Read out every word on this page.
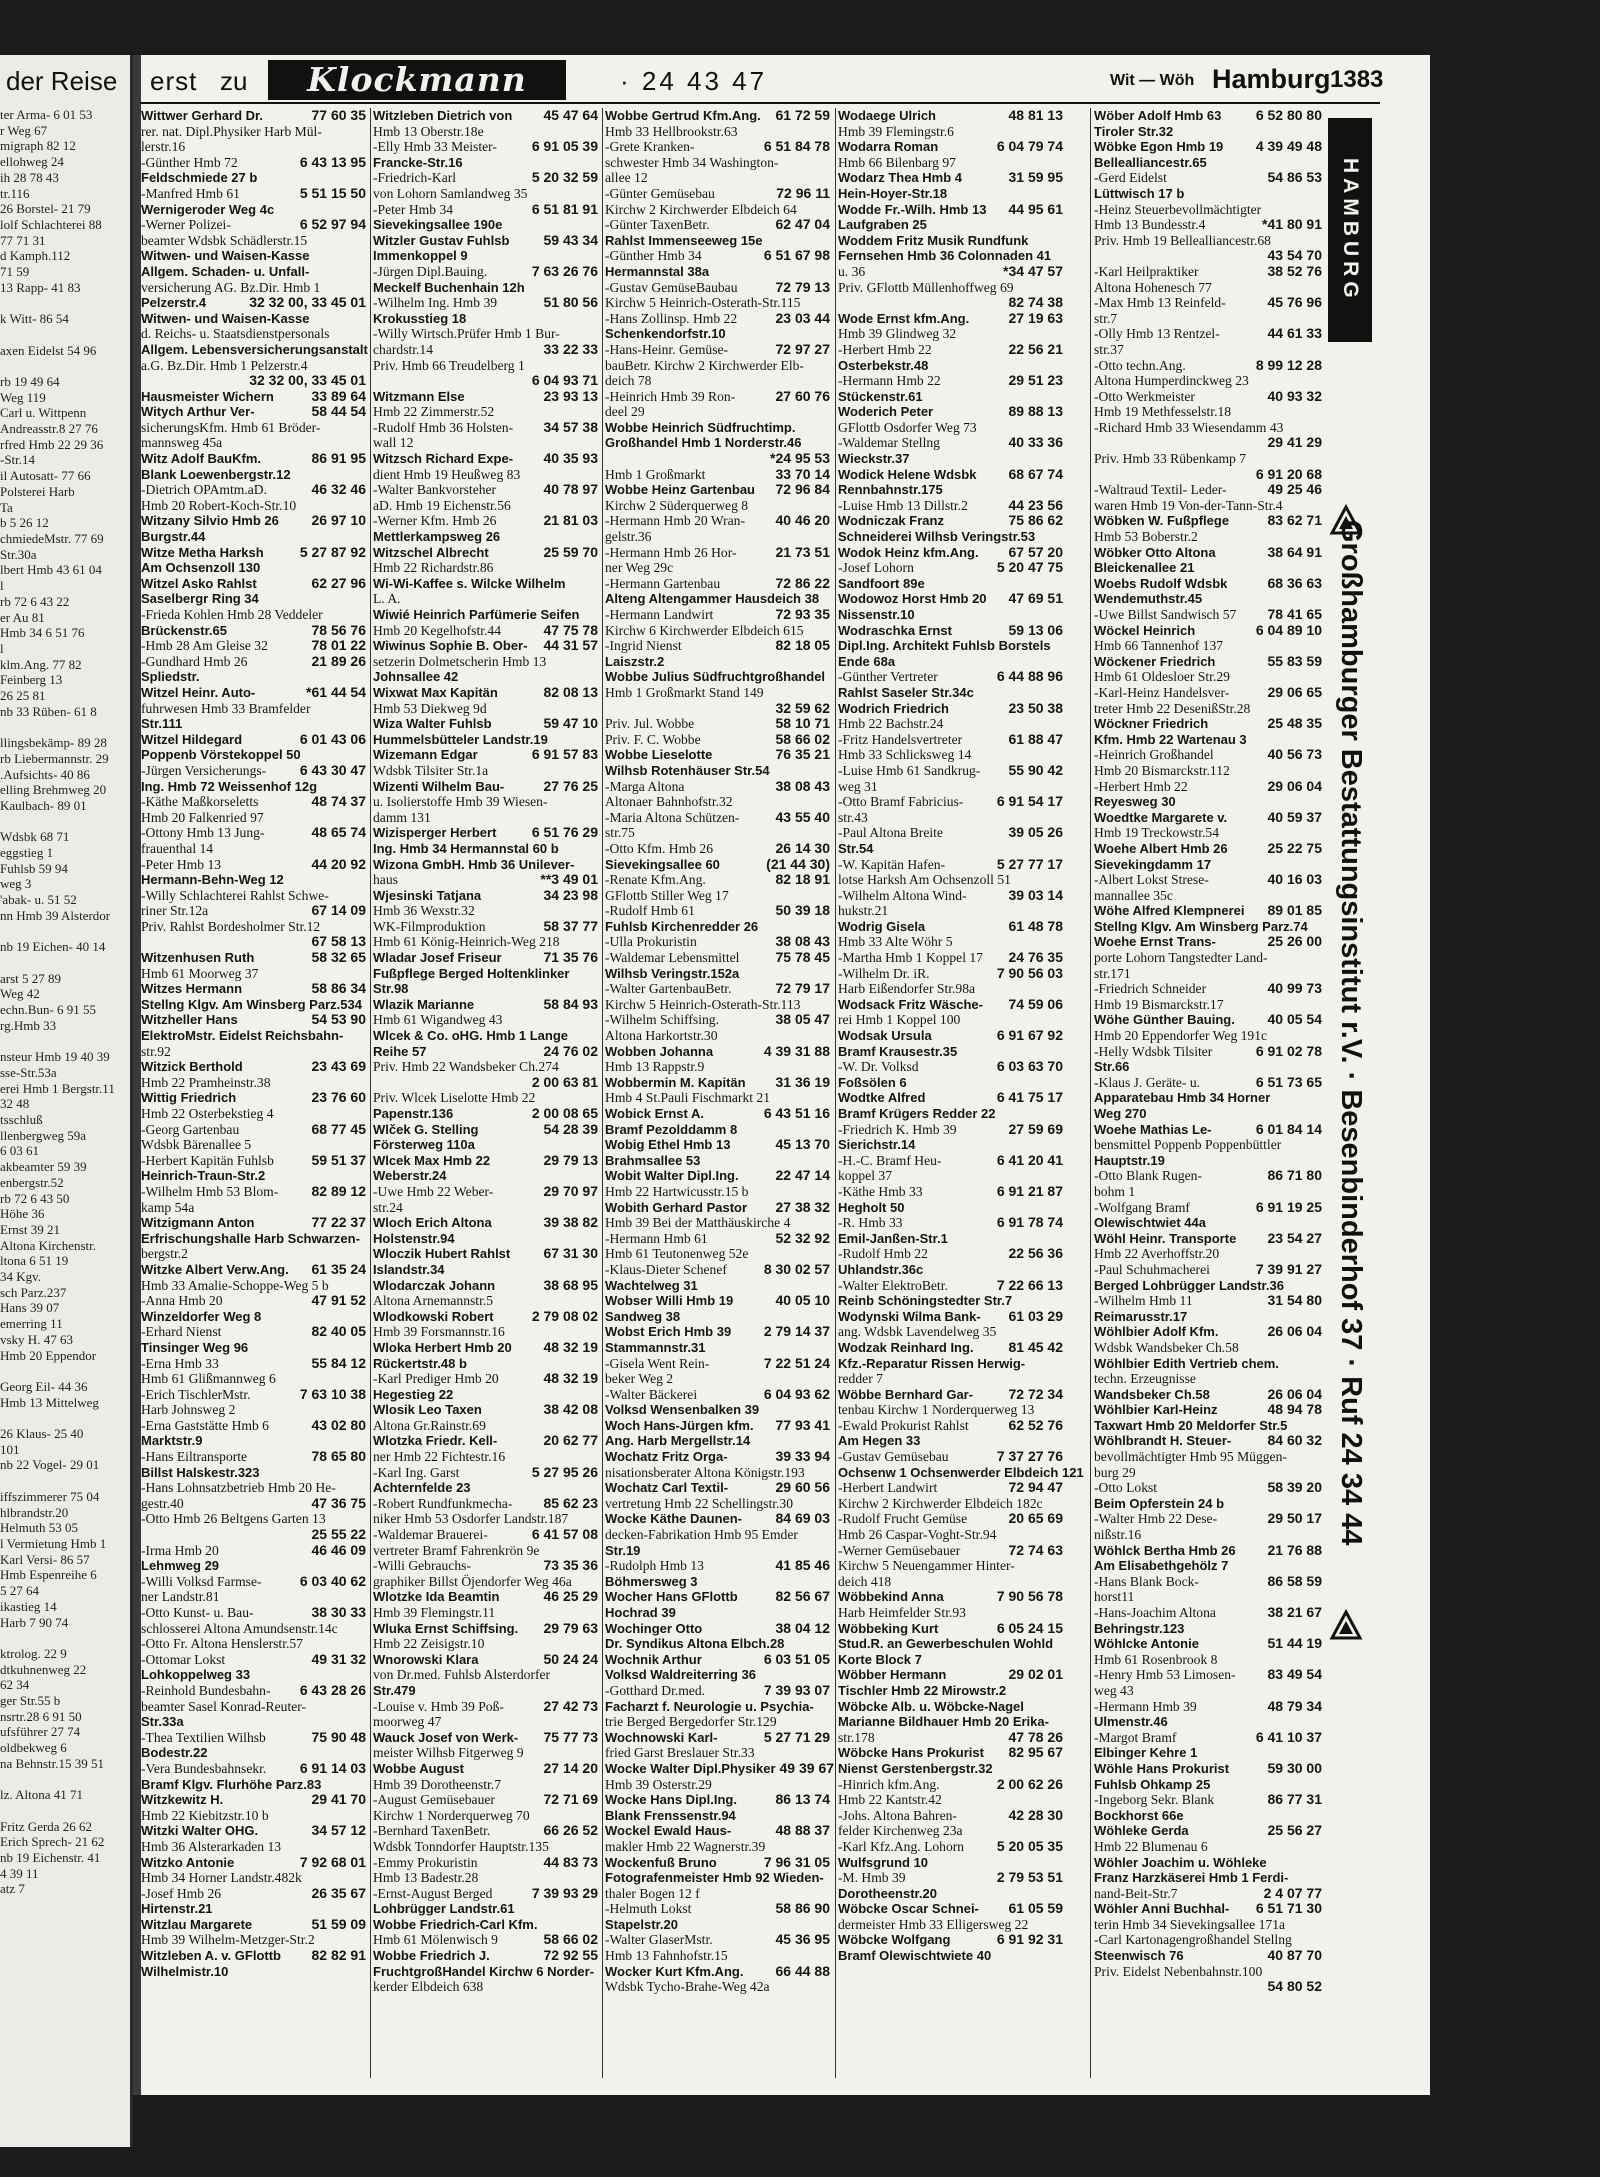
ter Arma- 6 01 53
r Weg 67
migraph 82 12
ellohweg 24
ih 28 78 43
tr.116
26 Borstel- 21 79
lolf Schlachterei 88
77 71 31
d Kamph.112
71 59
13 Rapp- 41 83

k Witt- 86 54

axen Eidelst 54 96

rb 19 49 64
Weg 119
Carl u. Wittpenn
Andreasstr.8 27 76
rfred Hmb 22 29 36
-Str.14
il Autosatt- 77 66
Polsterei Harb
Ta
b 5 26 12
chmiedeMstr. 77 69
Str.30a
lbert Hmb 43 61 04
l
rb 72 6 43 22
er Au 81
Hmb 34 6 51 76
l
klm.Ang. 77 82
Feinberg 13
26 25 81
nb 33 Rüben- 61 8

llingsbekämp- 89 28
rb Liebermannstr. 29
.Aufsichts- 40 86
elling Brehmweg 20
Kaulbach- 89 01

Wdsbk 68 71
eggstieg 1
Fuhlsb 59 94
weg 3
'abak- u. 51 52
nn Hmb 39 Alsterdor

nb 19 Eichen- 40 14

arst 5 27 89
Weg 42
echn.Bun- 6 91 55
rg.Hmb 33

nsteur Hmb 19 40 39
sse-Str.53a
erei Hmb 1 Bergstr.11
32 48
tsschluß
llenbergweg 59a
6 03 61
akbeamter 59 39
enbergstr.52
rb 72 6 43 50
Höhe 36
Ernst 39 21
Altona Kirchenstr.
ltona 6 51 19
34 Kgv.
sch Parz.237
Hans 39 07
emerring 11
vsky H. 47 63
Hmb 20 Eppendor

Georg Eil- 44 36
Hmb 13 Mittelweg

26 Klaus- 25 40
101
nb 22 Vogel- 29 01

iffszimmerer 75 04
hlbrandstr.20
Helmuth 53 05
l Vermietung Hmb 1
Karl Versi- 86 57
Hmb Espenreihe 6
5 27 64
ikastieg 14
Harb 7 90 74

ktrolog. 22 9
dtkuhnenweg 22
62 34
ger Str.55 b
nsrtr.28 6 91 50
ufsführer 27 74
oldbekweg 6
na Behnstr.15 39 51

lz. Altona 41 71

Fritz Gerda 26 62
Erich Sprech- 21 62
nb 19 Eichenstr. 41
4 39 11
atz 7
der Reise erst zu	Klockmann	· 24 43 47	Wit — Wöh Hamburg 1383
Wittwer Gerhard Dr.	77 60 35
rer. nat. Dipl.Physiker Harb Mül-
lerstr.16
-Günther Hmb 72	6 43 13 95
Feldschmiede 27 b
-Manfred Hmb 61	5 51 15 50
Wernigeroder Weg 4c
-Werner Polizei-	6 52 97 94
beamter Wdsbk Schädlerstr.15
Witwen- und Waisen-Kasse
Allgem. Schaden- u. Unfall-
versicherung AG. Bz.Dir. Hmb 1
Pelzerstr.4	32 32 00, 33 45 01
Witwen- und Waisen-Kasse
d. Reichs- u. Staatsdienstpersonals
Allgem. Lebensversicherungsanstalt
a.G. Bz.Dir. Hmb 1 Pelzerstr.4

32 32 00, 33 45 01
Hausmeister Wichern	33 89 64
Witych Arthur Ver-	58 44 54
sicherungsKfm. Hmb 61 Bröder-
mannsweg 45a
Witz Adolf BauKfm.	86 91 95
Blank Loewenbergstr.12
-Dietrich OPAmtm.aD.	46 32 46
Hmb 20 Robert-Koch-Str.10
Witzany Silvio Hmb 26 26 97 10
Burgstr.44
Witze Metha Harksh	5 27 87 92
Am Ochsenzoll 130
Witzel Asko Rahlst	62 27 96
Saselbergr Ring 34
-Frieda Kohlen Hmb 28 Veddeler
Brückenstr.65	78 56 76
-Hmb 28 Am Gleise 32	78 01 22
-Gundhard Hmb 26	21 89 26
Spliedstr.
Witzel Heinr. Auto-	*61 44 54
fuhrwesen Hmb 33 Bramfelder
Str.111
Witzel Hildegard	6 01 43 06
Poppenb Vörstekoppel 50
-Jürgen Versicherungs- 6 43 30 47
Ing. Hmb 72 Weissenhof 12g
-Käthe Maßkorseletts	48 74 37
Hmb 20 Falkenried 97
-Ottony Hmb 13 Jung-	48 65 74
frauenthal 14
-Peter Hmb 13	44 20 92
Hermann-Behn-Weg 12
-Willy Schlachterei Rahlst Schwe-
riner Str.12a	67 14 09
Priv. Rahlst Bordesholmer Str.12

67 58 13
Witzenhusen Ruth	58 32 65
Hmb 61 Moorweg 37
Witzes Hermann	58 86 34
Stellng Klgv. Am Winsberg Parz.534
Witzheller Hans	54 53 90
ElektroMstr. Eidelst Reichsbahn-
str.92
Witzick Berthold	23 43 69
Hmb 22 Pramheinstr.38
Wittig Friedrich	23 76 60
Hmb 22 Osterbekstieg 4
-Georg Gartenbau	68 77 45
Wdsbk Bärenallee 5
-Herbert Kapitän Fuhlsb	59 51 37
Heinrich-Traun-Str.2
-Wilhelm Hmb 53 Blom- 82 89 12
kamp 54a
Witzigmann Anton	77 22 37
Erfrischungshalle Harb Schwarzen-
bergstr.2
Witzke Albert Verw.Ang. 61 35 24
Hmb 33 Amalie-Schoppe-Weg 5 b
-Anna Hmb 20	47 91 52
Winzeldorfer Weg 8
-Erhard Nienst	82 40 05
Tinsinger Weg 96
-Erna Hmb 33	55 84 12
Hmb 61 Glißmannweg 6
-Erich TischlerMstr.	7 63 10 38
Harb Johnsweg 2
-Erna Gaststätte Hmb 6	43 02 80
Marktstr.9
-Hans Eiltransporte	78 65 80
Billst Halskestr.323
-Hans Lohnsatzbetrieb Hmb 20 He-
gestr.40	47 36 75
-Otto Hmb 26 Beltgens Garten 13

25 55 22
-Irma Hmb 20	46 46 09
Lehmweg 29
-Willi Volksd Farmse-	6 03 40 62
ner Landstr.81
-Otto Kunst- u. Bau-	38 30 33
schlosserei Altona Amundsenstr.14c
-Otto Fr. Altona Henslerstr.57
-Ottomar Lokst	49 31 32
Lohkoppelweg 33
-Reinhold Bundesbahn- 6 43 28 26
beamter Sasel Konrad-Reuter-
Str.33a
-Thea Textilien Wilhsb	75 90 48
Bodestr.22
-Vera Bundesbahnsekr. 6 91 14 03
Bramf Klgv. Flurhöhe Parz.83
Witzkewitz H.	29 41 70
Hmb 22 Kiebitzstr.10 b
Witzki Walter OHG.	34 57 12
Hmb 36 Alsterarkaden 13
Witzko Antonie	7 92 68 01
Hmb 34 Horner Landstr.482k
-Josef Hmb 26	26 35 67
Hirtenstr.21
Witzlau Margarete	51 59 09
Hmb 39 Wilhelm-Metzger-Str.2
Witzleben A. v. GFlottb 82 82 91
Wilhelmistr.10
Witzleben Dietrich von 45 47 64
Hmb 13 Oberstr.18e
-Elly Hmb 33 Meister- 6 91 05 39
Francke-Str.16
-Friedrich-Karl	5 20 32 59
von Lohorn Samlandweg 35
-Peter Hmb 34	6 51 81 91
Sievekingsallee 190e
Witzler Gustav Fuhlsb 59 43 34
Immenkoppel 9
-Jürgen Dipl.Bauing.	7 63 26 76
Meckelf Buchenhain 12h
-Wilhelm Ing. Hmb 39	51 80 56
Krokusstieg 18
-Willy Wirtsch.Prüfer Hmb 1 Bur-
chardstr.14	33 22 33
Priv. Hmb 66 Treudelberg 1

6 04 93 71
Witzmann Else	23 93 13
Hmb 22 Zimmerstr.52
-Rudolf Hmb 36 Holsten- 34 57 38
wall 12
Witzsch Richard Expe- 40 35 93
dient Hmb 19 Heußweg 83
-Walter Bankvorsteher	40 78 97
aD. Hmb 19 Eichenstr.56
-Werner Kfm. Hmb 26	21 81 03
Mettlerkampsweg 26
Witzschel Albrecht	25 59 70
Hmb 22 Richardstr.86
Wi-Wi-Kaffee s. Wilcke Wilhelm
L. A.
Wiwié Heinrich Parfümerie Seifen
Hmb 20 Kegelhofstr.44	47 75 78
Wiwinus Sophie B. Ober- 44 31 57
setzerin Dolmetscherin Hmb 13
Johnsallee 42
Wixwat Max Kapitän	82 08 13
Hmb 53 Diekweg 9d
Wiza Walter Fuhlsb	59 47 10
Hummelsbütteler Landstr.19
Wizemann Edgar	6 91 57 83
Wdsbk Tilsiter Str.1a
Wizenti Wilhelm Bau-	27 76 25
u. Isolierstoffe Hmb 39 Wiesen-
damm 131
Wizisperger Herbert	6 51 76 29
Ing. Hmb 34 Hermannstal 60 b
Wizona GmbH. Hmb 36 Unilever-
haus	**3 49 01
Wjesinski Tatjana	34 23 98
Hmb 36 Wexstr.32
WK-Filmproduktion	58 37 77
Hmb 61 König-Heinrich-Weg 218
Wladar Josef Friseur	71 35 76
Fußpflege Berged Holtenklinker
Str.98
Wlazik Marianne	58 84 93
Hmb 61 Wigandweg 43
Wlcek & Co. oHG. Hmb 1 Lange
Reihe 57	24 76 02
Priv. Hmb 22 Wandsbeker Ch.274

2 00 63 81
Priv. Wlcek Liselotte Hmb 22
Papenstr.136	2 00 08 65
Wlček G. Stelling	54 28 39
Försterweg 110a
Wlcek Max Hmb 22	29 79 13
Weberstr.24
-Uwe Hmb 22 Weber-	29 70 97
str.24
Wloch Erich Altona	39 38 82
Holstenstr.94
Wloczik Hubert Rahlst 67 31 30
Islandstr.34
Wlodarczak Johann	38 68 95
Altona Arnemannstr.5
Wlodkowski Robert	2 79 08 02
Hmb 39 Forsmannstr.16
Wloka Herbert Hmb 20 48 32 19
Rückertstr.48 b
-Karl Prediger Hmb 20	48 32 19
Hegestieg 22
Wlosik Leo Taxen	38 42 08
Altona Gr.Rainstr.69
Wlotzka Friedr. Kell-	20 62 77
ner Hmb 22 Fichtestr.16
-Karl Ing. Garst	5 27 95 26
Achternfelde 23
-Robert Rundfunkmecha- 85 62 23
niker Hmb 53 Osdorfer Landstr.187
-Waldemar Brauerei-	6 41 57 08
vertreter Bramf Fahrenkrön 9e
-Willi Gebrauchs-	73 35 36
graphiker Billst Öjendorfer Weg 46a
Wlotzke Ida Beamtin	46 25 29
Hmb 39 Flemingstr.11
Wluka Ernst Schiffsing. 29 79 63
Hmb 22 Zeisigstr.10
Wnorowski Klara	50 24 24
von Dr.med. Fuhlsb Alsterdorfer
Str.479
-Louise v. Hmb 39 Poß-	27 42 73
moorweg 47
Wauck Josef von Werk- 75 77 73
meister Wilhsb Fitgerweg 9
Wobbe August	27 14 20
Hmb 39 Dorotheenstr.7
-August Gemüsebauer	72 71 69
Kirchw 1 Norderquerweg 70
-Bernhard TaxenBetr.	66 26 52
Wdsbk Tonndorfer Hauptstr.135
-Emmy Prokuristin	44 83 73
Hmb 13 Badestr.28
-Ernst-August Berged	7 39 93 29
Lohbrügger Landstr.61
Wobbe Friedrich-Carl Kfm.
Hmb 61 Mölenwisch 9	58 66 02
Wobbe Friedrich J.	72 92 55
FruchtgroßHandel Kirchw 6 Norder-
kerder Elbdeich 638
Wobbe Gertrud Kfm.Ang. 61 72 59
Hmb 33 Hellbrookstr.63
-Grete Kranken-	6 51 84 78
schwester Hmb 34 Washington-
allee 12
-Günter Gemüsebau	72 96 11
Kirchw 2 Kirchwerder Elbdeich 64
-Günter TaxenBetr.	62 47 04
Rahlst Immenseeweg 15e
-Günther Hmb 34	6 51 67 98
Hermannstal 38a
-Gustav GemüseBaubau	72 79 13
Kirchw 5 Heinrich-Osterath-Str.115
-Hans Zollinsp. Hmb 22	23 03 44
Schenkendorfstr.10
-Hans-Heinr. Gemüse-	72 97 27
bauBetr. Kirchw 2 Kirchwerder Elb-
deich 78
-Heinrich Hmb 39 Ron-	27 60 76
deel 29
Wobbe Heinrich Südfruchtimp.
Großhandel Hmb 1 Norderstr.46

*24 95 53
Hmb 1 Großmarkt	33 70 14
Wobbe Heinz Gartenbau 72 96 84
Kirchw 2 Süderquerweg 8
-Hermann Hmb 20 Wran- 40 46 20
gelstr.36
-Hermann Hmb 26 Hor-	21 73 51
ner Weg 29c
-Hermann Gartenbau	72 86 22
Alteng Altengammer Hausdeich 38
-Hermann Landwirt	72 93 35
Kirchw 6 Kirchwerder Elbdeich 615
-Ingrid Nienst	82 18 05
Laiszstr.2
Wobbe Julius Südfruchtgroßhandel
Hmb 1 Großmarkt Stand 149

32 59 62
Priv. Jul. Wobbe	58 10 71
Priv. F. C. Wobbe	58 66 02
Wobbe Lieselotte	76 35 21
Wilhsb Rotenhäuser Str.54
-Marga Altona	38 08 43
Altonaer Bahnhofstr.32
-Maria Altona Schützen-	43 55 40
str.75
-Otto Kfm. Hmb 26	26 14 30
Sievekingsallee 60	(21 44 30)
-Renate Kfm.Ang.	82 18 91
GFlottb Stiller Weg 17
-Rudolf Hmb 61	50 39 18
Fuhlsb Kirchenredder 26
-Ulla Prokuristin	38 08 43
-Waldemar Lebensmittel	75 78 45
Wilhsb Veringstr.152a
-Walter GartenbauBetr.	72 79 17
Kirchw 5 Heinrich-Osterath-Str.113
-Wilhelm Schiffsing.	38 05 47
Altona Harkortstr.30
Wobben Johanna	4 39 31 88
Hmb 13 Rappstr.9
Wobbermin M. Kapitän 31 36 19
Hmb 4 St.Pauli Fischmarkt 21
Wobick Ernst A.	6 43 51 16
Bramf Pezolddamm 8
Wobig Ethel Hmb 13	45 13 70
Brahmsallee 53
Wobit Walter Dipl.Ing.	22 47 14
Hmb 22 Hartwicusstr.15 b
Wobith Gerhard Pastor 27 38 32
Hmb 39 Bei der Matthäuskirche 4
-Hermann Hmb 61	52 32 92
Hmb 61 Teutonenweg 52e
-Klaus-Dieter Schenef	8 30 02 57
Wachtelweg 31
Wobser Willi Hmb 19	40 05 10
Sandweg 38
Wobst Erich Hmb 39 2 79 14 37
Stammannstr.31
-Gisela Went Rein-	7 22 51 24
beker Weg 2
-Walter Bäckerei	6 04 93 62
Volksd Wensenbalken 39
Woch Hans-Jürgen kfm. 77 93 41
Ang. Harb Mergellstr.14
Wochatz Fritz Orga-	39 33 94
nisationsberater Altona Königstr.193
Wochatz Carl Textil-	29 60 56
vertretung Hmb 22 Schellingstr.30
Wocke Käthe Daunen- 84 69 03
decken-Fabrikation Hmb 95 Emder
Str.19
-Rudolph Hmb 13	41 85 46
Böhmersweg 3
Wocher Hans GFlottb	82 56 67
Hochrad 39
Wochinger Otto	38 04 12
Dr. Syndikus Altona Elbch.28
Wochnik Arthur	6 03 51 05
Volksd Waldreiterring 36
-Gotthard Dr.med.	7 39 93 07
Facharzt f. Neurologie u. Psychia-
trie Berged Bergedorfer Str.129
Wochnowski Karl-	5 27 71 29
fried Garst Breslauer Str.33
Wocke Walter Dipl.Physiker 49 39 67
Hmb 39 Osterstr.29
Wocke Hans Dipl.Ing.	86 13 74
Blank Frenssenstr.94
Wockel Ewald Haus-	48 88 37
makler Hmb 22 Wagnerstr.39
Wockenfuß Bruno	7 96 31 05
Fotografenmeister Hmb 92 Wieden-
thaler Bogen 12 f
-Helmuth Lokst	58 86 90
Stapelstr.20
-Walter GlaserMstr.	45 36 95
Hmb 13 Fahnhofstr.15
Wocker Kurt Kfm.Ang. 66 44 88
Wdsbk Tycho-Brahe-Weg 42a
Wodaege Ulrich	48 81 13
Hmb 39 Flemingstr.6
Wodarra Roman	6 04 79 74
Hmb 66 Bilenbarg 97
Wodarz Thea Hmb 4	31 59 95
Hein-Hoyer-Str.18
Wodde Fr.-Wilh. Hmb 13 44 95 61
Laufgraben 25
Woddem Fritz Musik Rundfunk
Fernsehen Hmb 36 Colonnaden 41
u. 36	*34 47 57
Priv. GFlottb Müllenhoffweg 69

82 74 38
Wode Ernst kfm.Ang.	27 19 63
Hmb 39 Glindweg 32
-Herbert Hmb 22	22 56 21
Osterbekstr.48
-Hermann Hmb 22	29 51 23
Stückenstr.61
Woderich Peter	89 88 13
GFlottb Osdorfer Weg 73
-Waldemar Stellng	40 33 36
Wieckstr.37
Wodick Helene Wdsbk 68 67 74
Rennbahnstr.175
-Luise Hmb 13 Dillstr.2	44 23 56
Wodniczak Franz	75 86 62
Schneiderei Wilhsb Veringstr.53
Wodok Heinz kfm.Ang. 67 57 20
-Josef Lohorn	5 20 47 75
Sandfoort 89e
Wodowoz Horst Hmb 20 47 69 51
Nissenstr.10
Wodraschka Ernst	59 13 06
Dipl.Ing. Architekt Fuhlsb Borstels
Ende 68a
-Günther Vertreter	6 44 88 96
Rahlst Saseler Str.34c
Wodrich Friedrich	23 50 38
Hmb 22 Bachstr.24
-Fritz Handelsvertreter	61 88 47
Hmb 33 Schlicksweg 14
-Luise Hmb 61 Sandkrug- 55 90 42
weg 31
-Otto Bramf Fabricius- 6 91 54 17
str.43
-Paul Altona Breite	39 05 26
Str.54
-W. Kapitän Hafen-	5 27 77 17
lotse Harksh Am Ochsenzoll 51
-Wilhelm Altona Wind-	39 03 14
hukstr.21
Wodrig Gisela	61 48 78
Hmb 33 Alte Wöhr 5
-Martha Hmb 1 Koppel 17 24 76 35
-Wilhelm Dr. iR.	7 90 56 03
Harb Eißendorfer Str.98a
Wodsack Fritz Wäsche- 74 59 06
rei Hmb 1 Koppel 100
Wodsak Ursula	6 91 67 92
Bramf Krausestr.35
-W. Dr. Volksd	6 03 63 70
Foßsölen 6
Wodtke Alfred	6 41 75 17
Bramf Krügers Redder 22
-Friedrich K. Hmb 39	27 59 69
Sierichstr.14
-H.-C. Bramf Heu-	6 41 20 41
koppel 37
-Käthe Hmb 33	6 91 21 87
Hegholt 50
-R. Hmb 33	6 91 78 74
Emil-Janßen-Str.1
-Rudolf Hmb 22	22 56 36
Uhlandstr.36c
-Walter ElektroBetr.	7 22 66 13
Reinb Schöningstedter Str.7
Wodynski Wilma Bank- 61 03 29
ang. Wdsbk Lavendelweg 35
Wodzak Reinhard Ing. 81 45 42
Kfz.-Reparatur Rissen Herwig-
redder 7
Wöbbe Bernhard Gar-	72 72 34
tenbau Kirchw 1 Norderquerweg 13
-Ewald Prokurist Rahlst	62 52 76
Am Hegen 33
-Gustav Gemüsebau	7 37 27 76
Ochsenw 1 Ochsenwerder Elbdeich 121
-Herbert Landwirt	72 94 47
Kirchw 2 Kirchwerder Elbdeich 182c
-Rudolf Frucht Gemüse	20 65 69
Hmb 26 Caspar-Voght-Str.94
-Werner Gemüsebauer	72 74 63
Kirchw 5 Neuengammer Hinter-
deich 418
Wöbbekind Anna	7 90 56 78
Harb Heimfelder Str.93
Wöbbeking Kurt	6 05 24 15
Stud.R. an Gewerbeschulen Wohld
Korte Block 7
Wöbber Hermann	29 02 01
Tischler Hmb 22 Mirowstr.2
Wöbcke Alb. u. Wöbcke-Nagel
Marianne Bildhauer Hmb 20 Erika-
str.178	47 78 26
Wöbcke Hans Prokurist 82 95 67
Nienst Gerstenbergstr.32
-Hinrich kfm.Ang.	2 00 62 26
Hmb 22 Kantstr.42
-Johs. Altona Bahren-	42 28 30
felder Kirchenweg 23a
-Karl Kfz.Ang. Lohorn 5 20 05 35
Wulfsgrund 10
-M. Hmb 39	2 79 53 51
Dorotheenstr.20
Wöbcke Oscar Schnei- 61 05 59
dermeister Hmb 33 Elligersweg 22
Wöbcke Wolfgang	6 91 92 31
Bramf Olewischtwiete 40
Wöber Adolf Hmb 63 6 52 80 80
Tiroler Str.32
Wöbke Egon Hmb 19 4 39 49 48
Bellealliancestr.65
-Gerd Eidelst	54 86 53
Lüttwisch 17 b
-Heinz Steuerbevollmächtigter
Hmb 13 Bundesstr.4	*41 80 91
Priv. Hmb 19 Bellealliancestr.68

43 54 70
-Karl Heilpraktiker	38 52 76
Altona Hohenesch 77
-Max Hmb 13 Reinfeld-	45 76 96
str.7
-Olly Hmb 13 Rentzel-	44 61 33
str.37
-Otto techn.Ang.	8 99 12 28
Altona Humperdinckweg 23
-Otto Werkmeister	40 93 32
Hmb 19 Methfesselstr.18
-Richard Hmb 33 Wiesendamm 43

29 41 29
Priv. Hmb 33 Rübenkamp 7

6 91 20 68
-Waltraud Textil- Leder-	49 25 46
waren Hmb 19 Von-der-Tann-Str.4
Wöbken W. Fußpflege	83 62 71
Hmb 53 Boberstr.2
Wöbker Otto Altona	38 64 91
Bleickenallee 21
Woebs Rudolf Wdsbk	68 36 63
Wendemuthstr.45
-Uwe Billst Sandwisch 57 78 41 65
Wöckel Heinrich	6 04 89 10
Hmb 66 Tannenhof 137
Wöckener Friedrich	55 83 59
Hmb 61 Oldesloer Str.29
-Karl-Heinz Handelsver-	29 06 65
treter Hmb 22 DesenißStr.28
Wöckner Friedrich	25 48 35
Kfm. Hmb 22 Wartenau 3
-Heinrich Großhandel	40 56 73
Hmb 20 Bismarckstr.112
-Herbert Hmb 22	29 06 04
Reyesweg 30
Woedtke Margarete v.	40 59 37
Hmb 19 Treckowstr.54
Woehe Albert Hmb 26	25 22 75
Sievekingdamm 17
-Albert Lokst Strese-	40 16 03
mannallee 35c
Wöhe Alfred Klempnerei 89 01 85
Stellng Klgv. Am Winsberg Parz.74
Woehe Ernst Trans-	25 26 00
porte Lohorn Tangstedter Land-
str.171
-Friedrich Schneider	40 99 73
Hmb 19 Bismarckstr.17
Wöhe Günther Bauing. 40 05 54
Hmb 20 Eppendorfer Weg 191c
-Helly Wdsbk Tilsiter	6 91 02 78
Str.66
-Klaus J. Geräte- u.	6 51 73 65
Apparatebau Hmb 34 Horner
Weg 270
Woehe Mathias Le-	6 01 84 14
bensmittel Poppenb Poppenbüttler
Hauptstr.19
-Otto Blank Rugen-	86 71 80
bohm 1
-Wolfgang Bramf	6 91 19 25
Olewischtwiet 44a
Wöhl Heinr. Transporte 23 54 27
Hmb 22 Averhoffstr.20
-Paul Schuhmacherei	7 39 91 27
Berged Lohbrügger Landstr.36
-Wilhelm Hmb 11	31 54 80
Reimarusstr.17
Wöhlbier Adolf Kfm.	26 06 04
Wdsbk Wandsbeker Ch.58
Wöhlbier Edith Vertrieb chem.
techn. Erzeugnisse
Wandsbeker Ch.58	26 06 04
Wöhlbier Karl-Heinz	48 94 78
Taxwart Hmb 20 Meldorfer Str.5
Wöhlbrandt H. Steuer-	84 60 32
bevollmächtigter Hmb 95 Müggen-
burg 29
-Otto Lokst	58 39 20
Beim Opferstein 24 b
-Walter Hmb 22 Dese-	29 50 17
nißstr.16
Wöhlck Bertha Hmb 26 21 76 88
Am Elisabethgehölz 7
-Hans Blank Bock-	86 58 59
horst11
-Hans-Joachim Altona	38 21 67
Behringstr.123
Wöhlcke Antonie	51 44 19
Hmb 61 Rosenbrook 8
-Henry Hmb 53 Limosen- 83 49 54
weg 43
-Hermann Hmb 39	48 79 34
Ulmenstr.46
-Margot Bramf	6 41 10 37
Elbinger Kehre 1
Wöhle Hans Prokurist	59 30 00
Fuhlsb Ohkamp 25
-Ingeborg Sekr. Blank	86 77 31
Bockhorst 66e
Wöhleke Gerda	25 56 27
Hmb 22 Blumenau 6
Wöhler Joachim u. Wöhleke
Franz Harzkäserei Hmb 1 Ferdi-
nand-Beit-Str.7	2 4 07 77
Wöhler Anni Buchhal- 6 51 71 30
terin Hmb 34 Sievekingsallee 171a
-Carl Kartonagengroßhandel Stellng
Steenwisch 76	40 87 70
Priv. Eidelst Nebenbahnstr.100

54 80 52
HAMBURG
Großhamburger Bestattungsinstitut r.V. · Besenbinderhof 37 · Ruf 24 34 44
